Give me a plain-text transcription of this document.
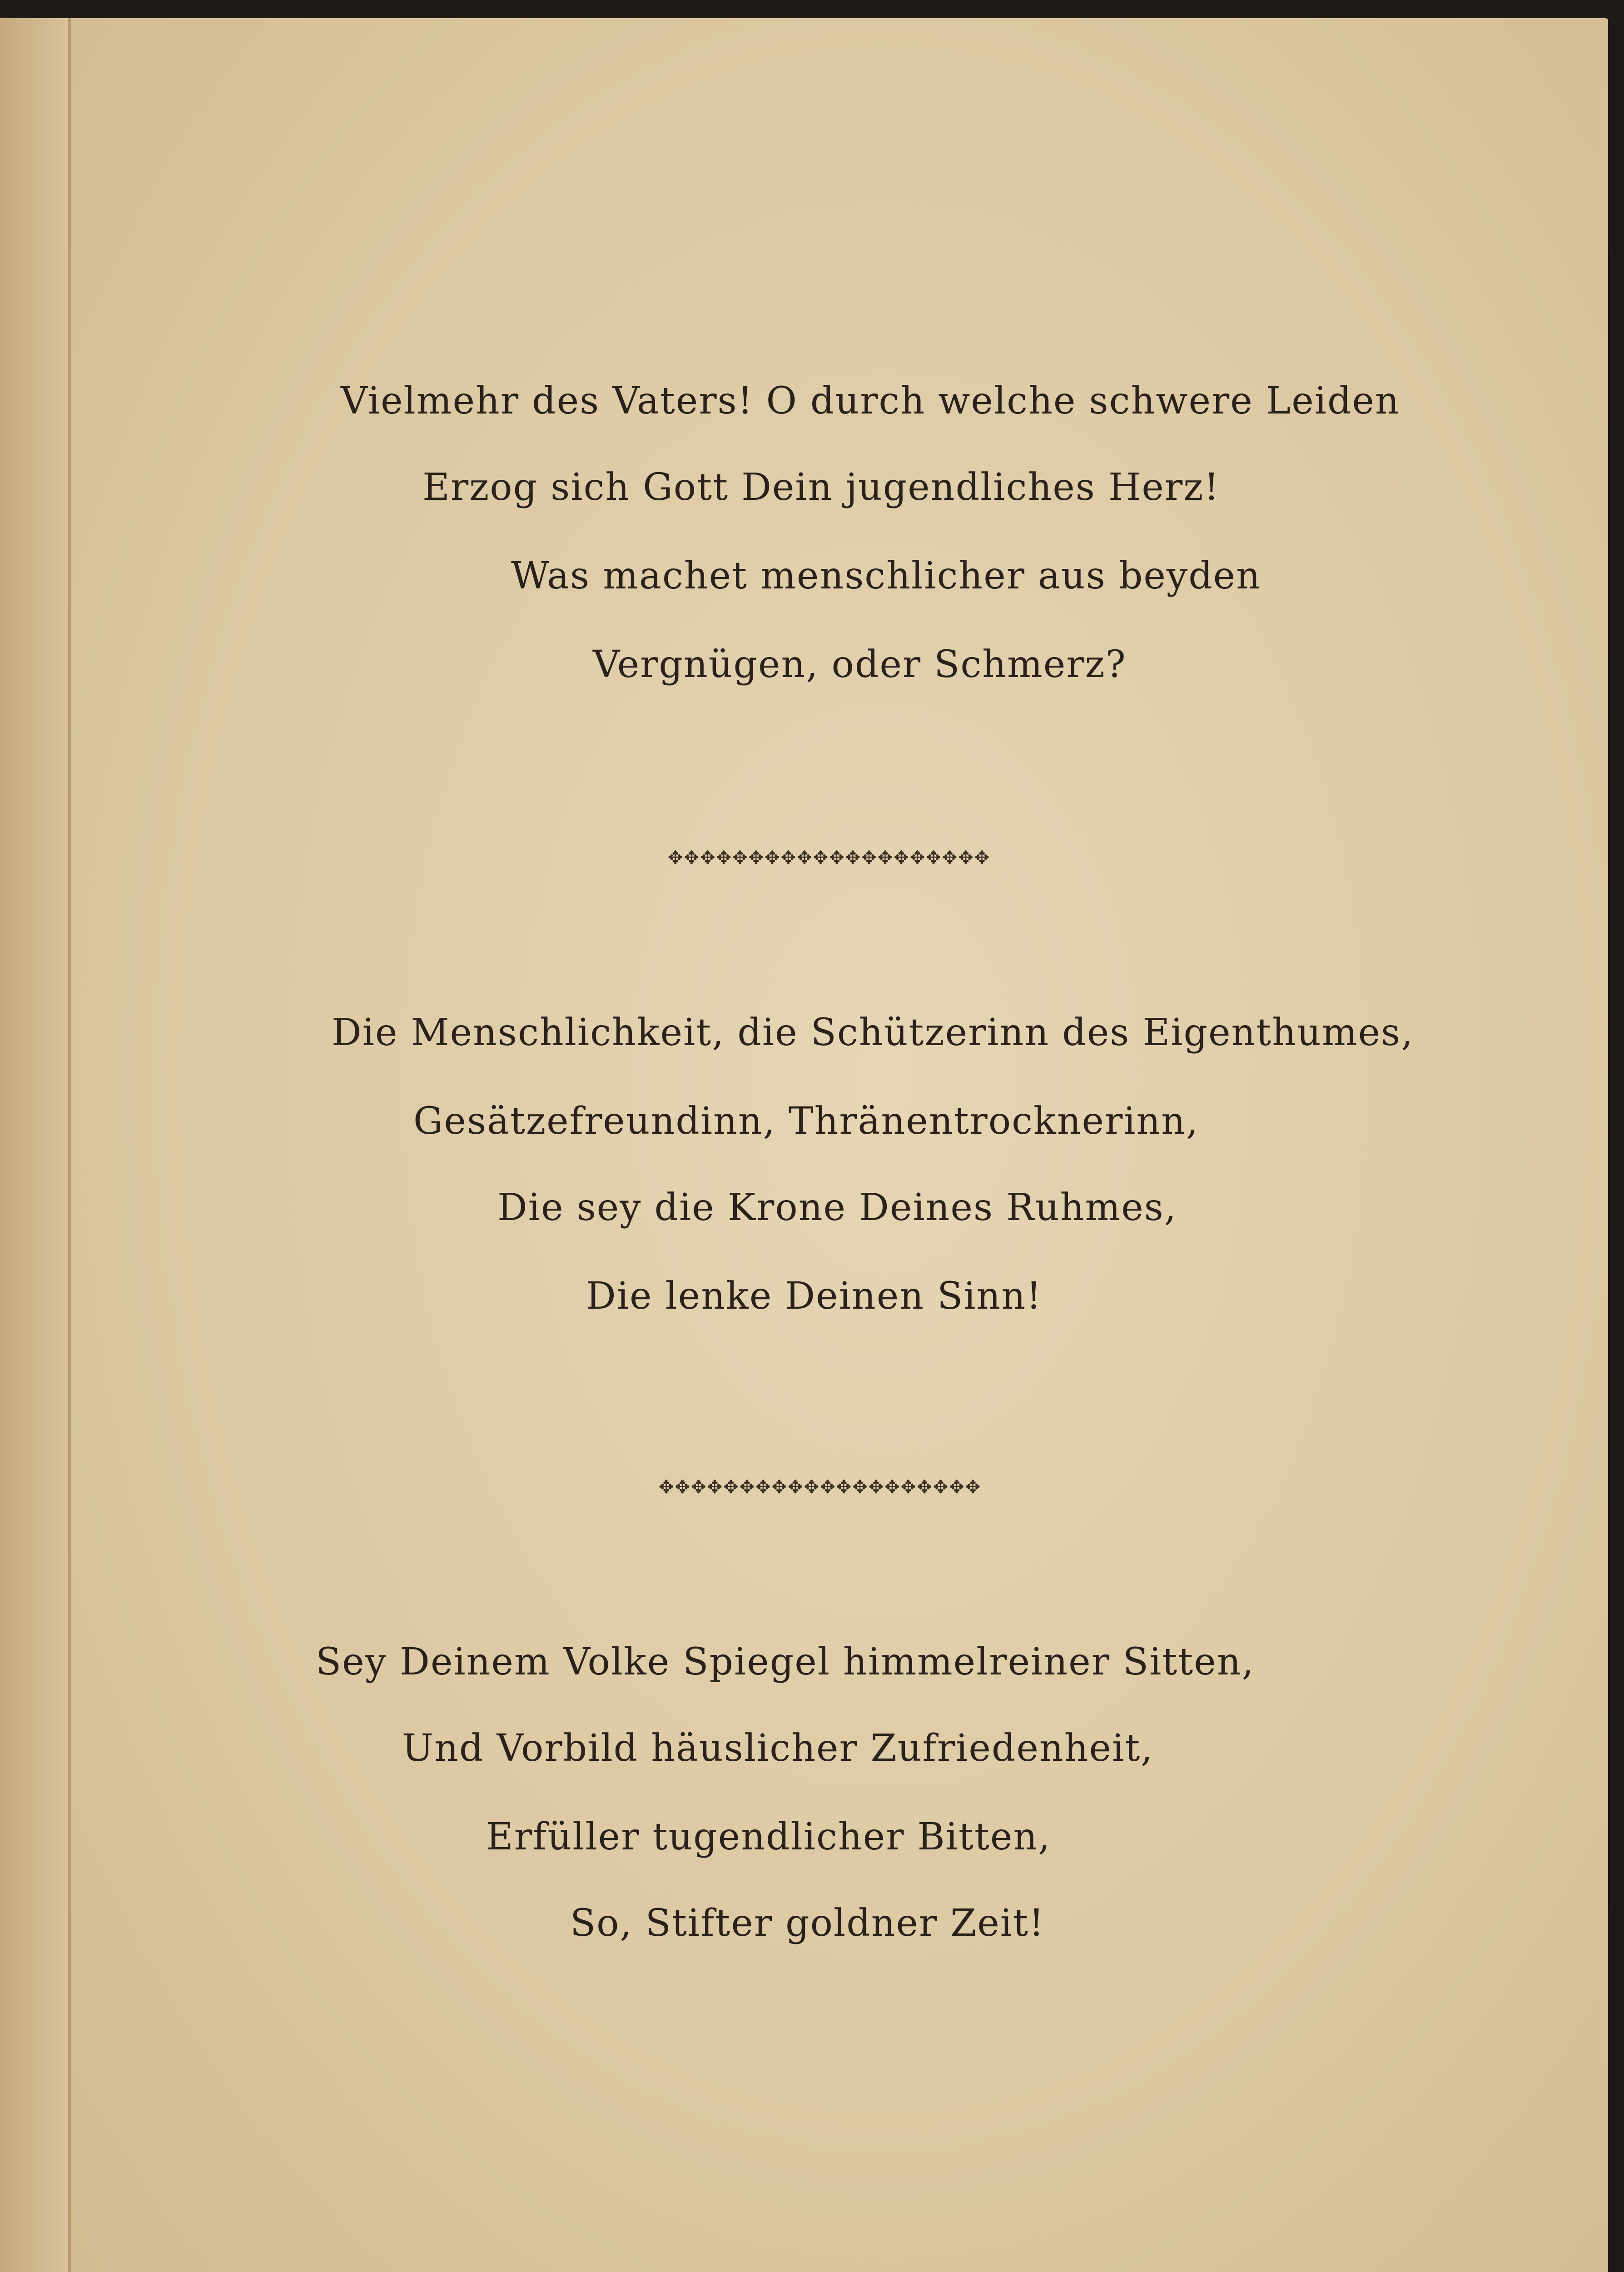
Vielmehr des Vaters! O durch welche schwere Leiden
Erzog sich Gott Dein jugendliches Herz!
Was machet menschlicher aus beyden
Vergnügen, oder Schmerz?
✥✥✥✥✥✥✥✥✥✥✥✥✥✥✥✥✥✥✥✥
Die Menschlichkeit, die Schützerinn des Eigenthumes,
Gesätzefreundinn, Thränentrocknerinn,
Die sey die Krone Deines Ruhmes,
Die lenke Deinen Sinn!
✥✥✥✥✥✥✥✥✥✥✥✥✥✥✥✥✥✥✥✥
Sey Deinem Volke Spiegel himmelreiner Sitten,
Und Vorbild häuslicher Zufriedenheit,
Erfüller tugendlicher Bitten,
So, Stifter goldner Zeit!
